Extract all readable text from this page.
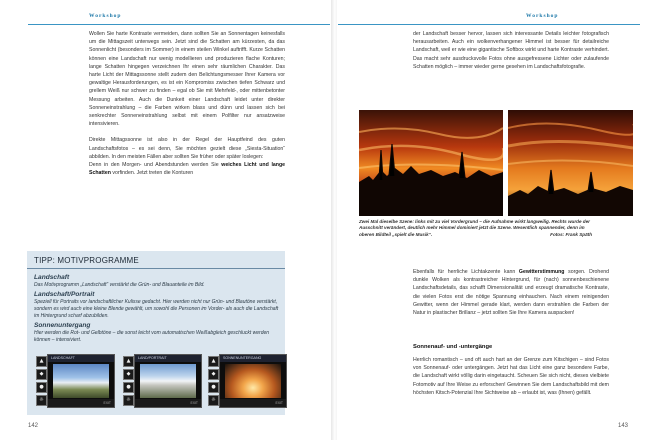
Workshop

Wollen Sie harte Kontraste vermeiden, dann sollten Sie an Sonnentagen keinesfalls um die Mittagszeit unterwegs sein. Jetzt sind die Schatten am kürzesten, da das Sonnenlicht (besonders im Sommer) in einem steilen Winkel auftrifft. Kurze Schatten können eine Landschaft nur wenig modellieren und produzieren flache Konturen; lange Schatten hingegen verzeichnen Ihr einen sehr räumlichen Charakter. Das harte Licht der Mittagssonne stellt zudem den Belichtungsmesser Ihrer Kamera vor gewaltige Herausforderungen, es ist ein Kompromiss zwischen tiefen Schwarz und grellem Weiß nur schwer zu finden – egal ob Sie mit Mehrfeld-, oder mittenbetonter Messung arbeiten. Auch die Dunkeit einer Landschaft leidet unter direkter Sonneneinstrahlung – die Farben wirken blass und dünn und lassen sich bei senkrechter Sonneneinstrahlung selbst mit einem Polfilter nur ansatzweise intensivieren.

Direkte Mittagssonne ist also in der Regel der Hauptfeind des guten Landschaftsfotos – es sei denn, Sie möchten gezielt diese „Siesta-Situation“ abbilden. In den meisten Fällen aber sollten Sie früher oder später loslegen:

Denn in den Morgen- und Abendstunden werden Sie weiches Licht und lange Schatten vorfinden. Jetzt treten die Konturen

TIPP: MOTIVPROGRAMME
Landschaft
Das Motivprogramm „Landschaft“ verstärkt die Grün- und Blauanteile im Bild.
Landschaft/Portrait
Speziell für Portraits vor landschaftlicher Kulisse gedacht. Hier werden nicht nur Grün- und Blautöne verstärkt, sondern es wird auch eine kleine Blende gewählt, um sowohl die Personen im Vorder- als auch die Landschaft im Hintergrund scharf abzubilden.
Sonnenuntergang
Hier werden die Rot- und Gelbtöne – die sonst leicht vom automatischen Weißabgleich geschluckt werden können – intensiviert.
▲
◆
●
☼
LANDSCHAFT
EXIT
▲
◆
●
☼
LAND/PORTRAIT
EXIT
▲
◆
●
☼
SONNENUNTERGANG
EXIT
142
Workshop
der Landschaft besser hervor, lassen sich interessante Details leichter fotografisch herausarbeiten. Auch ein wolkenverhangener Himmel ist besser für detailreiche Landschaft, weil er wie eine gigantische Softbox wirkt und harte Kontraste verhindert. Das macht sehr ausdrucksvolle Fotos ohne ausgefressene Lichter oder zulaufende Schatten möglich – immer wieder gerne gesehen im Landschaftsfotografie.
Zwei Mal dieselbe Szene: links mit zu viel Vordergrund – die Aufnahme wirkt langweilig. Rechts wurde der Ausschnitt verändert, deutlich mehr Himmel dominiert jetzt die Szene. Wesentlich spannender, denn im oberen Bildteil „spielt die Musik“.	Fotos: Frank Späth
Ebenfalls für herrliche Lichtakzente kann Gewitterstimmung sorgen. Drohend dunkle Wolken als kontrastreicher Hintergrund, für (nach) sonnenbeschienene Landschaftsdetails, das schafft Dimensionalität und erzeugt dramatische Kontraste, die vielen Fotos erst die nötige Spannung einhauchen. Nach einem reinigenden Gewitter, wenn der Himmel gerade klart, werden dann erstrahlen die Farben der Natur in plastischer Brillanz – jetzt sollten Sie Ihre Kamera auspacken!
Sonnenauf- und -untergänge
Herrlich romantisch – und oft auch hart an der Grenze zum Kitschigen – sind Fotos von Sonnenauf- oder untergängen. Jetzt hat das Licht eine ganz besondere Farbe, die Landschaft wirkt völlig darin eingetaucht. Scheuen Sie sich nicht, dieses vielbiete Fotomotiv auf Ihre Weise zu erforschen! Gewinnen Sie dem Landschaftsbild mit dem höchsten Kitsch-Potenzial Ihre Sichtweise ab – erlaubt ist, was (Ihnen) gefällt.
143
